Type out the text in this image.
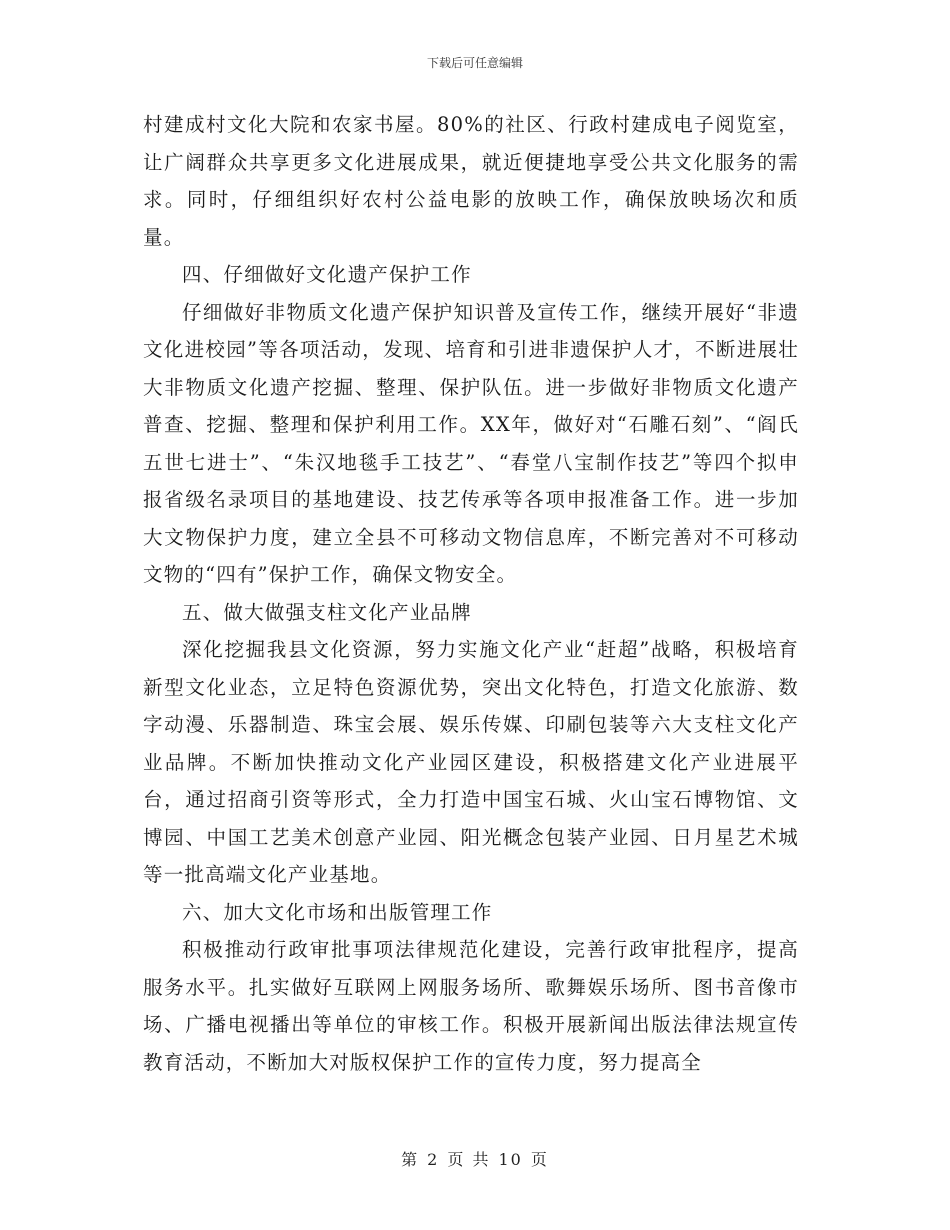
下载后可任意编辑

村建成村文化大院和农家书屋。80%的社区、行政村建成电子阅览室，让广阔群众共享更多文化进展成果，就近便捷地享受公共文化服务的需求。同时，仔细组织好农村公益电影的放映工作，确保放映场次和质量。

四、仔细做好文化遗产保护工作

仔细做好非物质文化遗产保护知识普及宣传工作，继续开展好“非遗文化进校园”等各项活动，发现、培育和引进非遗保护人才，不断进展壮大非物质文化遗产挖掘、整理、保护队伍。进一步做好非物质文化遗产普查、挖掘、整理和保护利用工作。XX年，做好对“石雕石刻”、“阎氏五世七进士”、“朱汉地毯手工技艺”、“春堂八宝制作技艺”等四个拟申报省级名录项目的基地建设、技艺传承等各项申报准备工作。进一步加大文物保护力度，建立全县不可移动文物信息库，不断完善对不可移动文物的“四有”保护工作，确保文物安全。

五、做大做强支柱文化产业品牌

深化挖掘我县文化资源，努力实施文化产业“赶超”战略，积极培育新型文化业态，立足特色资源优势，突出文化特色，打造文化旅游、数字动漫、乐器制造、珠宝会展、娱乐传媒、印刷包装等六大支柱文化产业品牌。不断加快推动文化产业园区建设，积极搭建文化产业进展平台，通过招商引资等形式，全力打造中国宝石城、火山宝石博物馆、文博园、中国工艺美术创意产业园、阳光概念包装产业园、日月星艺术城等一批高端文化产业基地。

六、加大文化市场和出版管理工作

积极推动行政审批事项法律规范化建设，完善行政审批程序，提高服务水平。扎实做好互联网上网服务场所、歌舞娱乐场所、图书音像市场、广播电视播出等单位的审核工作。积极开展新闻出版法律法规宣传教育活动，不断加大对版权保护工作的宣传力度，努力提高全

第 2 页 共 10 页
